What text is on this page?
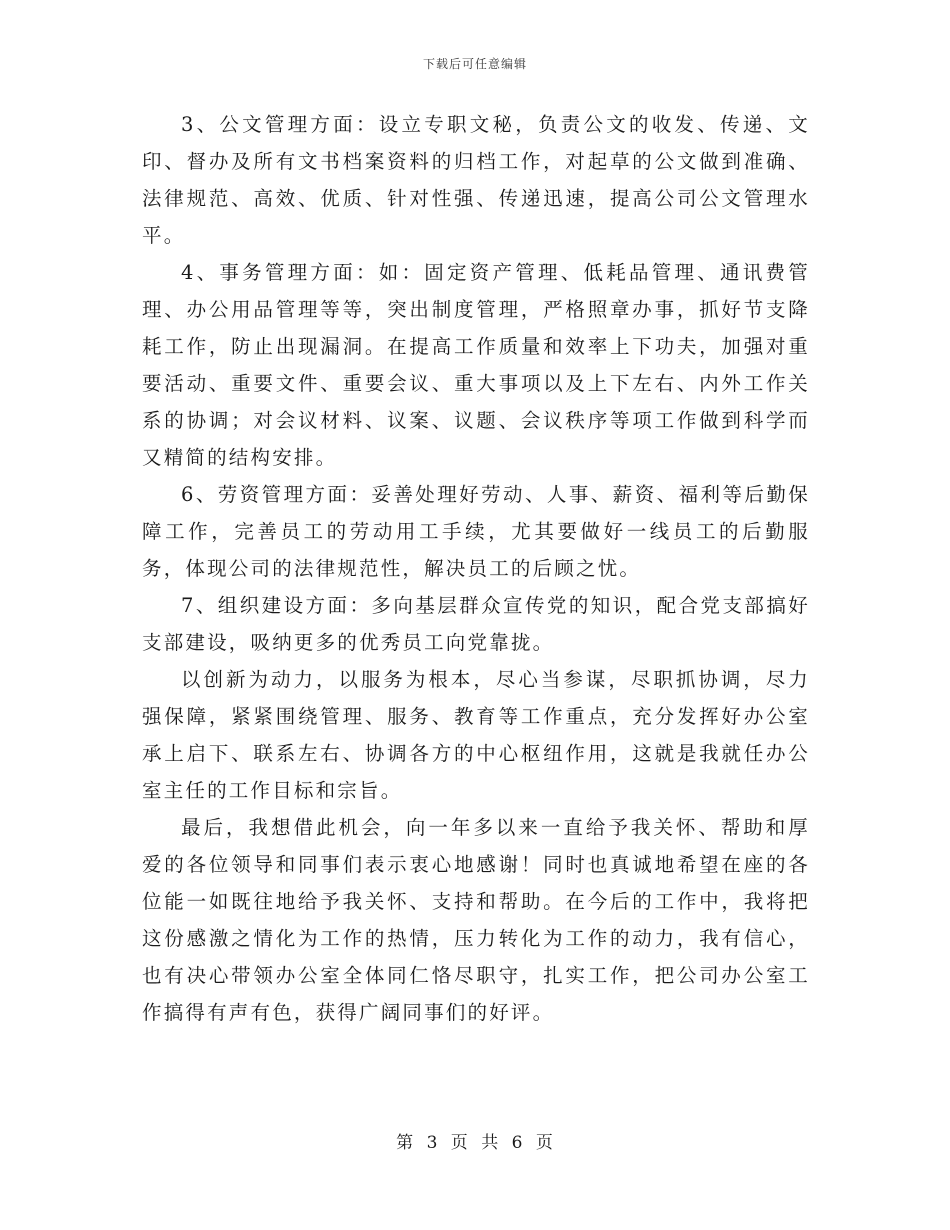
下载后可任意编辑

3、公文管理方面：设立专职文秘，负责公文的收发、传递、文印、督办及所有文书档案资料的归档工作，对起草的公文做到准确、法律规范、高效、优质、针对性强、传递迅速，提高公司公文管理水平。

4、事务管理方面：如：固定资产管理、低耗品管理、通讯费管理、办公用品管理等等，突出制度管理，严格照章办事，抓好节支降耗工作，防止出现漏洞。在提高工作质量和效率上下功夫，加强对重要活动、重要文件、重要会议、重大事项以及上下左右、内外工作关系的协调；对会议材料、议案、议题、会议秩序等项工作做到科学而又精简的结构安排。

6、劳资管理方面：妥善处理好劳动、人事、薪资、福利等后勤保障工作，完善员工的劳动用工手续，尤其要做好一线员工的后勤服务，体现公司的法律规范性，解决员工的后顾之忧。

7、组织建设方面：多向基层群众宣传党的知识，配合党支部搞好支部建设，吸纳更多的优秀员工向党靠拢。

以创新为动力，以服务为根本，尽心当参谋，尽职抓协调，尽力强保障，紧紧围绕管理、服务、教育等工作重点，充分发挥好办公室承上启下、联系左右、协调各方的中心枢纽作用，这就是我就任办公室主任的工作目标和宗旨。

最后，我想借此机会，向一年多以来一直给予我关怀、帮助和厚爱的各位领导和同事们表示衷心地感谢！同时也真诚地希望在座的各位能一如既往地给予我关怀、支持和帮助。在今后的工作中，我将把这份感激之情化为工作的热情，压力转化为工作的动力，我有信心，也有决心带领办公室全体同仁恪尽职守，扎实工作，把公司办公室工作搞得有声有色，获得广阔同事们的好评。

第 3 页 共 6 页
